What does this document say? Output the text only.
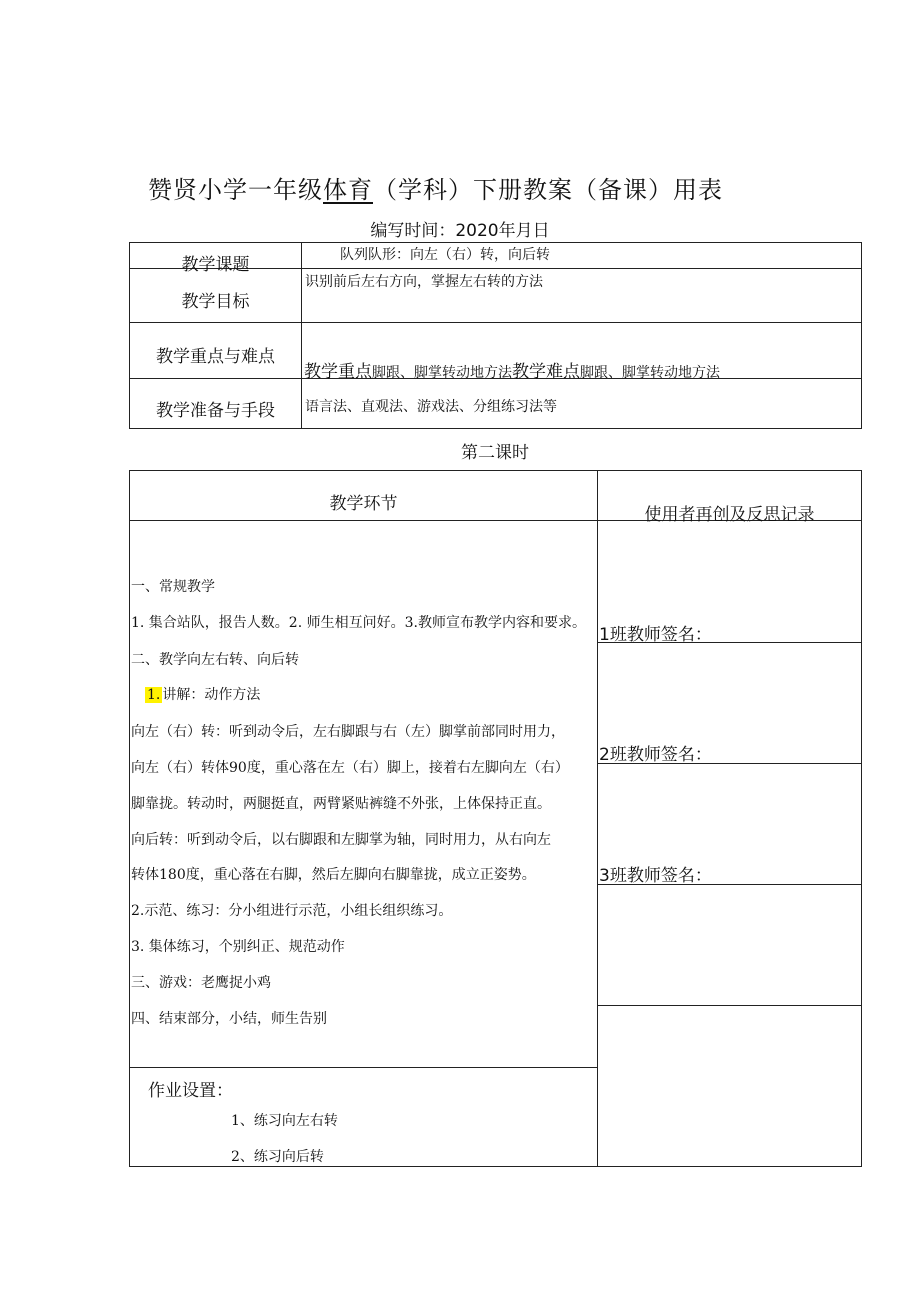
赞贤小学一年级体育（学科）下册教案（备课）用表
编写时间：2020年月日
教学课题	队列队形：向左（右）转，向后转
教学目标
识别前后左右方向，掌握左右转的方法
教学重点与难点
教学重点脚跟、脚掌转动地方法教学难点脚跟、脚掌转动地方法
教学准备与手段	语言法、直观法、游戏法、分组练习法等
第二课时
教学环节
使用者再创及反思记录
一、常规教学
1. 集合站队，报告人数。2. 师生相互问好。3.教师宣布教学内容和要求。
二、教学向左右转、向后转
1. 讲解：动作方法
向左（右）转：听到动令后，左右脚跟与右（左）脚掌前部同时用力，
向左（右）转体90度，重心落在左（右）脚上，接着右左脚向左（右）
脚靠拢。转动时，两腿挺直，两臂紧贴裤缝不外张，上体保持正直。
向后转：听到动令后，以右脚跟和左脚掌为轴，同时用力，从右向左
转体180度，重心落在右脚，然后左脚向右脚靠拢，成立正姿势。
2.示范、练习：分小组进行示范，小组长组织练习。
3. 集体练习，个别纠正、规范动作
三、游戏：老鹰捉小鸡
四、结束部分，小结，师生告别
1班教师签名：
2班教师签名：
3班教师签名：
作业设置：
1、练习向左右转
2、练习向后转
